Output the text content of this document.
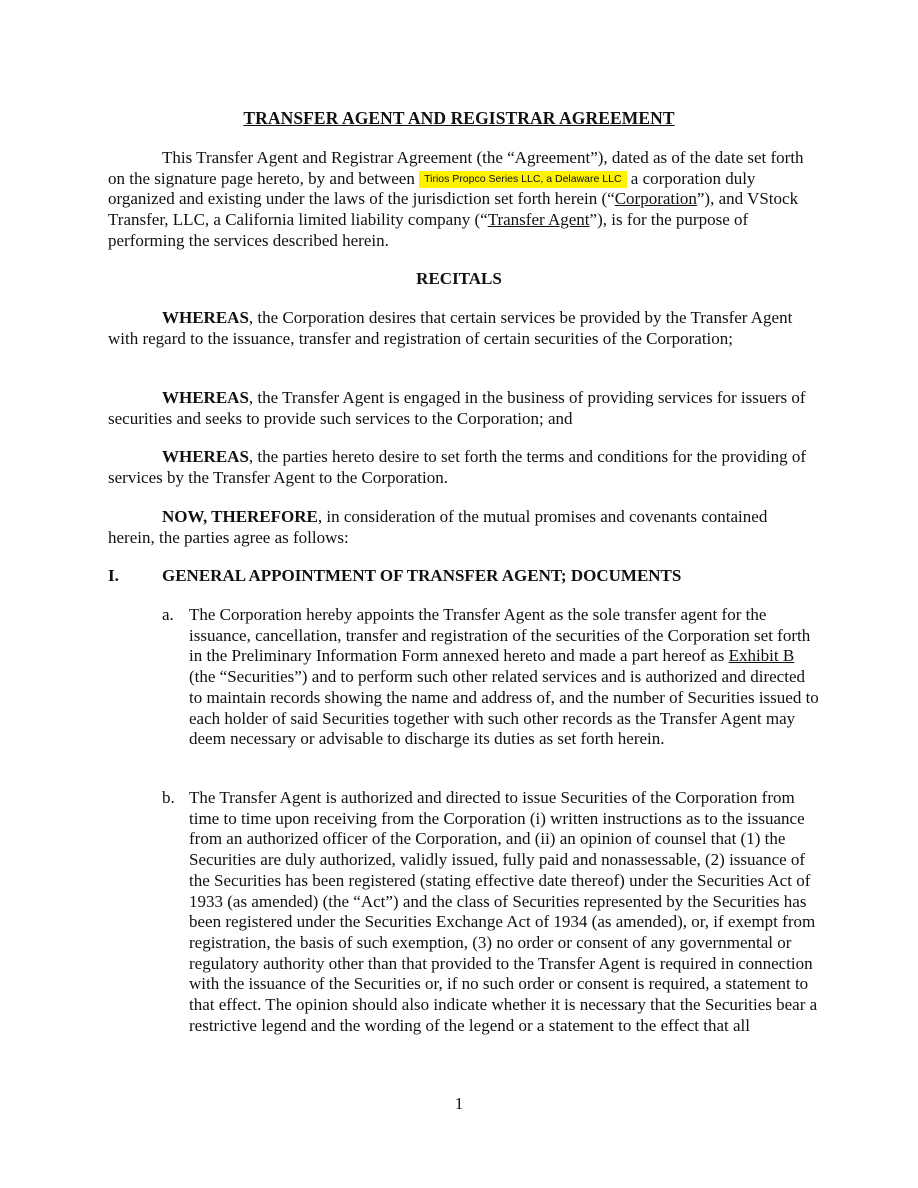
TRANSFER AGENT AND REGISTRAR AGREEMENT
This Transfer Agent and Registrar Agreement (the “Agreement”), dated as of the date set forth on the signature page hereto, by and between Tirios Propco Series LLC, a Delaware LLC a corporation duly organized and existing under the laws of the jurisdiction set forth herein (“Corporation”), and VStock Transfer, LLC, a California limited liability company (“Transfer Agent”), is for the purpose of performing the services described herein.
RECITALS
WHEREAS, the Corporation desires that certain services be provided by the Transfer Agent with regard to the issuance, transfer and registration of certain securities of the Corporation;
WHEREAS, the Transfer Agent is engaged in the business of providing services for issuers of securities and seeks to provide such services to the Corporation; and
WHEREAS, the parties hereto desire to set forth the terms and conditions for the providing of services by the Transfer Agent to the Corporation.
NOW, THEREFORE, in consideration of the mutual promises and covenants contained herein, the parties agree as follows:
I.	GENERAL APPOINTMENT OF TRANSFER AGENT; DOCUMENTS
a. The Corporation hereby appoints the Transfer Agent as the sole transfer agent for the issuance, cancellation, transfer and registration of the securities of the Corporation set forth in the Preliminary Information Form annexed hereto and made a part hereof as Exhibit B (the “Securities”) and to perform such other related services and is authorized and directed to maintain records showing the name and address of, and the number of Securities issued to each holder of said Securities together with such other records as the Transfer Agent may deem necessary or advisable to discharge its duties as set forth herein.
b. The Transfer Agent is authorized and directed to issue Securities of the Corporation from time to time upon receiving from the Corporation (i) written instructions as to the issuance from an authorized officer of the Corporation, and (ii) an opinion of counsel that (1) the Securities are duly authorized, validly issued, fully paid and nonassessable, (2) issuance of the Securities has been registered (stating effective date thereof) under the Securities Act of 1933 (as amended) (the “Act”) and the class of Securities represented by the Securities has been registered under the Securities Exchange Act of 1934 (as amended), or, if exempt from registration, the basis of such exemption, (3) no order or consent of any governmental or regulatory authority other than that provided to the Transfer Agent is required in connection with the issuance of the Securities or, if no such order or consent is required, a statement to that effect. The opinion should also indicate whether it is necessary that the Securities bear a restrictive legend and the wording of the legend or a statement to the effect that all
1
